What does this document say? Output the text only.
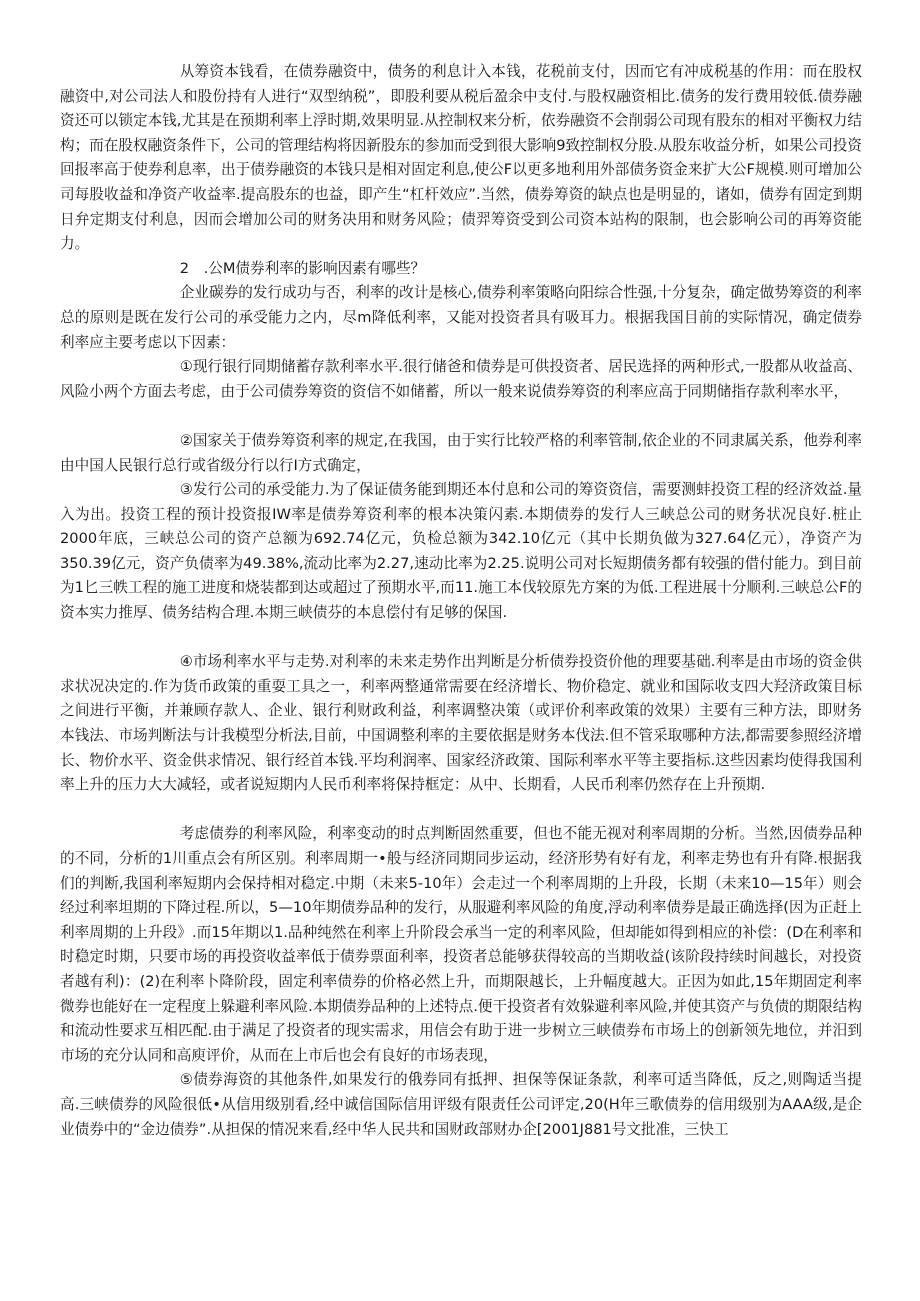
从筹资本钱看，在债券融资中，债务的利息计入本钱，花税前支付，因而它有冲成税基的作用：而在股权融资中,对公司法人和股份持有人进行“双型纳税”，即股利要从税后盈余中支付.与股权融资相比.债务的发行费用较低.债券融资还可以锁定本钱,尤其是在预期利率上浮时期,效果明显.从控制权来分析，依券融资不会削弱公司现有股东的相对平衡权力结构；而在股权融资条件下，公司的管理结构将因新股东的参加而受到很大影响9致控制权分股.从股东收益分析，如果公司投资回报率高于使券利息率，出于债券融资的本钱只是相对固定利息,使公F以更多地利用外部债务资金来扩大公F规模.则可增加公司每股收益和净资产收益率.提高股东的也益，即产生“杠杆效应”.当然，债券筹资的缺点也是明显的，诸如，债券有固定到期日弁定期支付利息，因而会增加公司的财务决用和财务风险；债羿筹资受到公司资本站构的限制，也会影响公司的再筹资能力。

2　.公M债券利率的影响因素有哪些？

企业碳券的发行成功与否，利率的改计是核心,债券利率策略向阳综合性强,十分复杂，确定做势筹资的利率总的原则是既在发行公司的承受能力之内，尽m降低利率，又能对投资者具有吸耳力。根据我国目前的实际情况，确定债券利率应主要考虑以下因素：

①现行银行同期储蓄存款利率水平.很行储爸和债券是可供投资者、居民选择的两种形式,一股都从收益高、风险小两个方面去考虑，由于公司债券筹资的资信不如储蓄，所以一般来说债券筹资的利率应高于同期储指存款利率水平，

②国家关于债券筹资利率的规定,在我国，由于实行比较严格的利率管制,依企业的不同隶属关系，他券利率由中国人民银行总行或省级分行以行I方式确定，

③发行公司的承受能力.为了保证债务能到期还本付息和公司的筹资资信，需要测蚌投资工程的经济效益.量入为出。投资工程的预计投资报IW率是债券筹资利率的根本决策闪素.本期债券的发行人三峡总公司的财务状况良好.桩止2000年底，三峡总公司的资产总额为692.74亿元，负检总额为342.10亿元（其中长期负做为327.64亿元），净资产为350.39亿元，资产负债率为49.38%,流动比率为2.27,速动比率为2.25.说明公司对长短期债务都有较强的借付能力。到目前为1匕三帙工程的施工进度和烧装都到达或超过了预期水平,而11.施工本伐较原先方案的为低.工程进展十分顺利.三峡总公F的资本实力推厚、债务结构合理.本期三峡债芬的本息偿付有足够的保国.

④市场利率水平与走势.对利率的未来走势作出判断是分析债券投资价他的理要基础.利率是由市场的资金供求状况决定的.作为货币政策的重耍工具之一，利率两整通常需要在经济增长、物价稳定、就业和国际收支四大羟济政策目标之间进行平衡，并兼顾存款人、企业、银行利财政利益，利率调整决策（或评价利率政策的效果）主要有三种方法，即财务本钱法、市场判断法与计我模型分析法,目前，中国调整利率的主要依据是财务本伐法.但不管采取哪种方法,都需要参照经济增长、物价水平、资金供求情况、银行经首本钱.平均利润率、国家经济政策、国际利率水平等主要指标.这些因素均使得我国利率上升的压力大大减轻，或者说短期内人民币利率将保持框定：从中、长期看，人民币利率仍然存在上升预期.

考虑债券的利率风险，利率变动的时点判断固然重要，但也不能无视对利率周期的分析。当然,因债券品种的不同，分析的1川重点会有所区别。利率周期一•般与经济同期同步运动，经济形势有好有龙，利率走势也有升有降.根据我们的判断,我国利率短期内会保持相对稳定.中期（未来5-10年）会走过一个利率周期的上升段，长期（未来10—15年）则会经过利率坦期的下降过程.所以，5—10年期债券品种的发行，从服避利率风险的角度,浮动利率债券是最正确选择(因为正赶上利率周期的上升段》.而15年期以1.品种纯然在利率上升阶段会承当一定的利率风险，但却能如得到相应的补偿：(D在利率和时稳定时期，只要市场的再投资收益率低于债券票面利率，投资者总能够获得较高的当期收益(该阶段持续时间越长，对投资者越有利)：(2)在利率卜降阶段，固定利率债券的价格必然上升，而期限越长，上升幅度越大。正因为如此,15年期固定利率微券也能好在一定程度上躲避利率风险.本期债券品种的上述特点.便干投资者有效躲避利率风险,并使其资产与负债的期限结构和流动性要求互相匹配.由于满足了投资者的现实需求，用信会有助于进一步树立三峡债券布市场上的创新领先地位，并汨到市场的充分认同和高庾评价，从而在上市后也会有良好的市场表现，

⑤债券海资的其他条件,如果发行的俄券同有抵押、担保等保证条款，利率可适当降低，反之,则陶适当提高.三峡债券的风险很低•从信用级别看,经中诚信国际信用评级有限责任公司评定,20(H年三歌债券的信用级别为AAA级,是企业债券中的“金边债券”.从担保的情况来看,经中华人民共和国财政部财办企[2001J881号文批准，三快工
